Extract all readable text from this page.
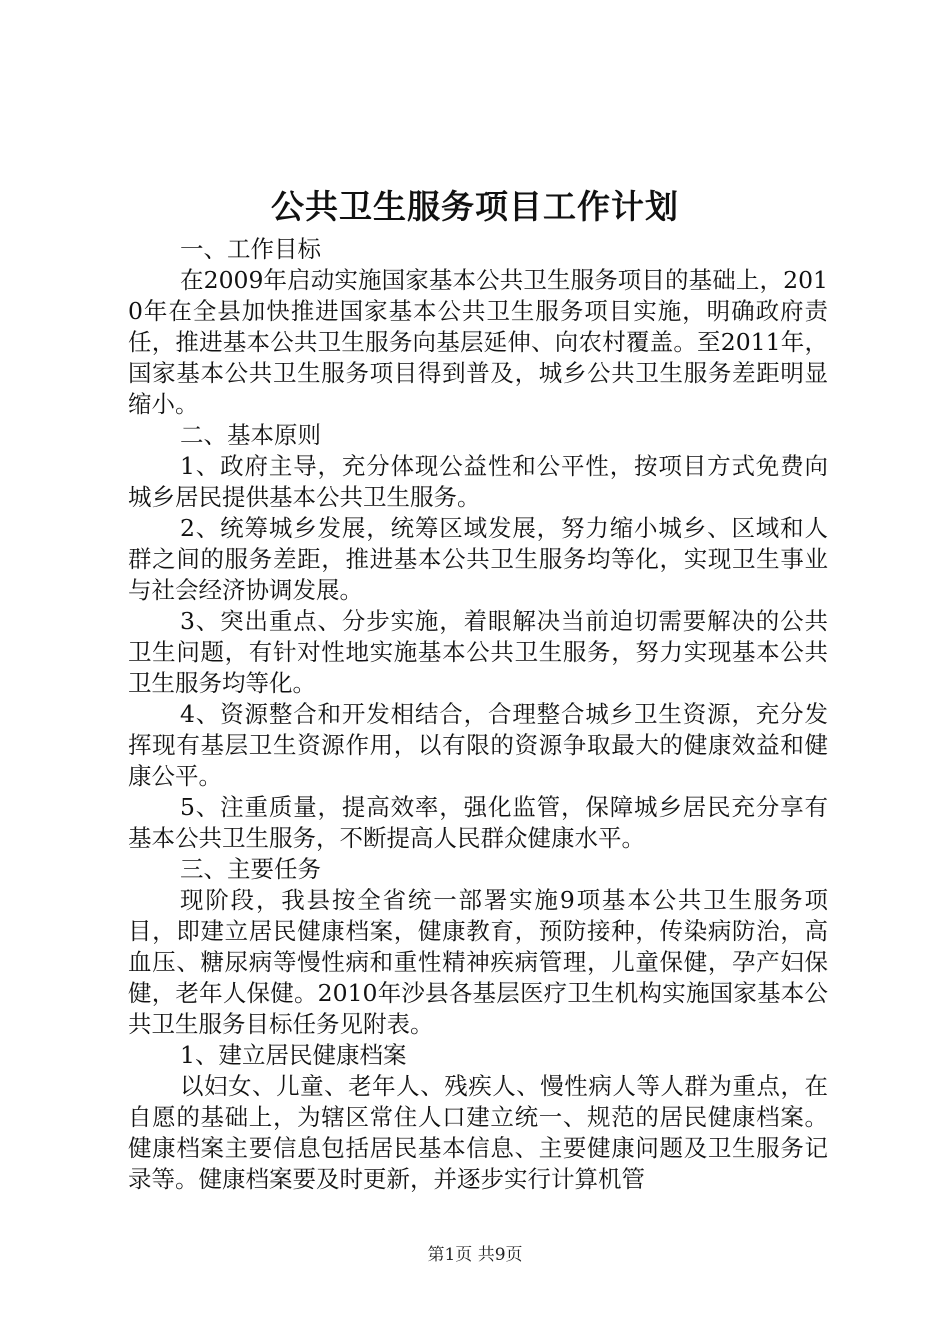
公共卫生服务项目工作计划

一、工作目标

在2009年启动实施国家基本公共卫生服务项目的基础上，2010年在全县加快推进国家基本公共卫生服务项目实施，明确政府责任，推进基本公共卫生服务向基层延伸、向农村覆盖。至2011年，国家基本公共卫生服务项目得到普及，城乡公共卫生服务差距明显缩小。

二、基本原则

1、政府主导，充分体现公益性和公平性，按项目方式免费向城乡居民提供基本公共卫生服务。

2、统筹城乡发展，统筹区域发展，努力缩小城乡、区域和人群之间的服务差距，推进基本公共卫生服务均等化，实现卫生事业与社会经济协调发展。

3、突出重点、分步实施，着眼解决当前迫切需要解决的公共卫生问题，有针对性地实施基本公共卫生服务，努力实现基本公共卫生服务均等化。

4、资源整合和开发相结合，合理整合城乡卫生资源，充分发挥现有基层卫生资源作用，以有限的资源争取最大的健康效益和健康公平。

5、注重质量，提高效率，强化监管，保障城乡居民充分享有基本公共卫生服务，不断提高人民群众健康水平。

三、主要任务

现阶段，我县按全省统一部署实施9项基本公共卫生服务项目，即建立居民健康档案，健康教育，预防接种，传染病防治，高血压、糖尿病等慢性病和重性精神疾病管理，儿童保健，孕产妇保健，老年人保健。2010年沙县各基层医疗卫生机构实施国家基本公共卫生服务目标任务见附表。

1、建立居民健康档案

以妇女、儿童、老年人、残疾人、慢性病人等人群为重点，在自愿的基础上，为辖区常住人口建立统一、规范的居民健康档案。健康档案主要信息包括居民基本信息、主要健康问题及卫生服务记录等。健康档案要及时更新，并逐步实行计算机管

第1页 共9页
